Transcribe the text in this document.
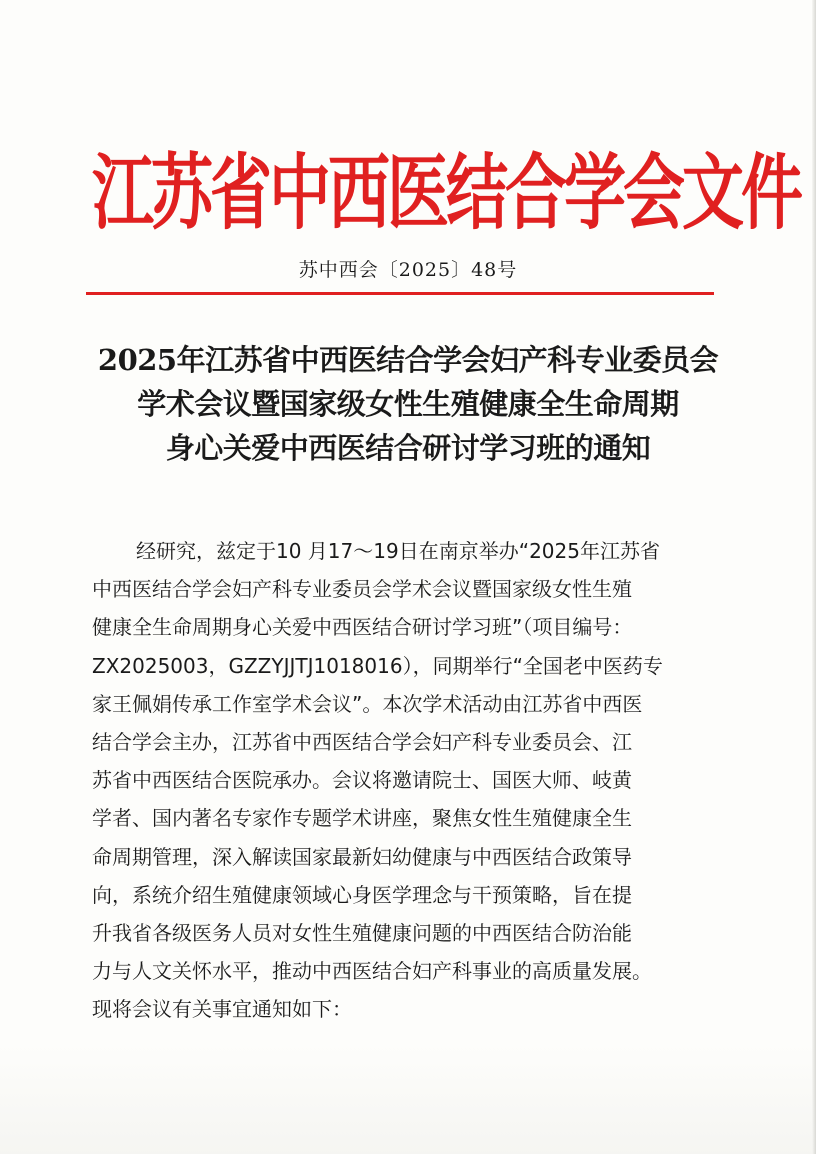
江苏省中西医结合学会文件
苏中西会〔2025〕48号
2025年江苏省中西医结合学会妇产科专业委员会
学术会议暨国家级女性生殖健康全生命周期
身心关爱中西医结合研讨学习班的通知
经研究，兹定于10 月17～19日在南京举办“2025年江苏省
中西医结合学会妇产科专业委员会学术会议暨国家级女性生殖
健康全生命周期身心关爱中西医结合研讨学习班”（项目编号：
ZX2025003，GZZYJJTJ1018016），同期举行“全国老中医药专
家王佩娟传承工作室学术会议”。本次学术活动由江苏省中西医
结合学会主办，江苏省中西医结合学会妇产科专业委员会、江
苏省中西医结合医院承办。会议将邀请院士、国医大师、岐黄
学者、国内著名专家作专题学术讲座，聚焦女性生殖健康全生
命周期管理，深入解读国家最新妇幼健康与中西医结合政策导
向，系统介绍生殖健康领域心身医学理念与干预策略，旨在提
升我省各级医务人员对女性生殖健康问题的中西医结合防治能
力与人文关怀水平，推动中西医结合妇产科事业的高质量发展。
现将会议有关事宜通知如下：
